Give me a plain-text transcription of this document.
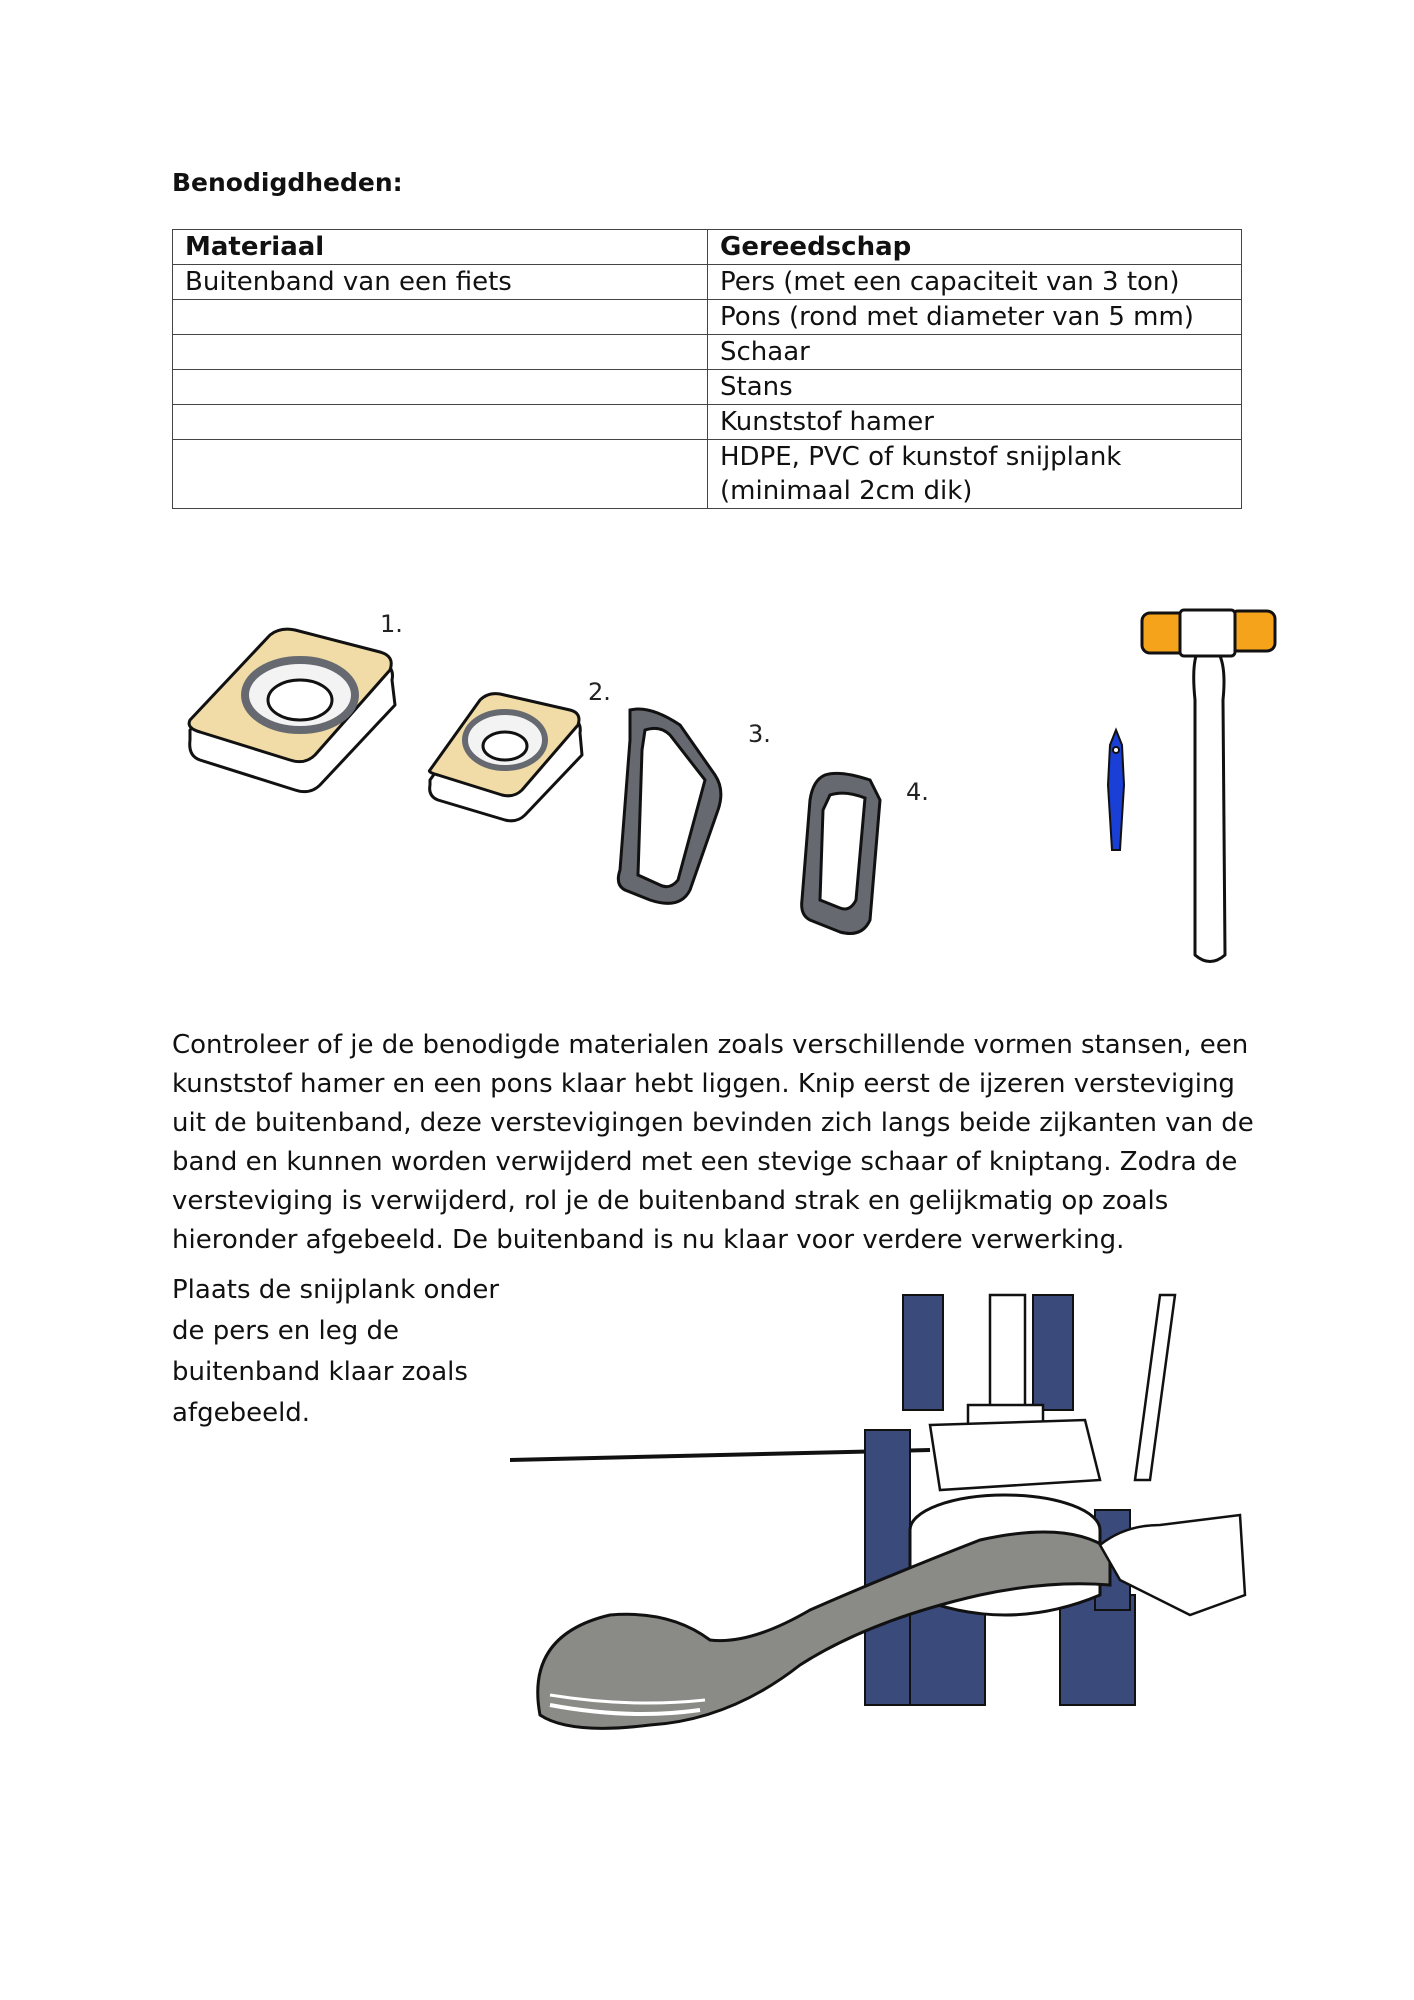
Benodigdheden:
Materiaal	Gereedschap
Buitenband van een fiets	Pers (met een capaciteit van 3 ton)
	Pons (rond met diameter van 5 mm)
	Schaar
	Stans
	Kunststof hamer
	HDPE, PVC of kunstof snijplank (minimaal 2cm dik)
1.
2.
3.
4.
Controleer of je de benodigde materialen zoals verschillende vormen stansen, een kunststof hamer en een pons klaar hebt liggen. Knip eerst de ijzeren versteviging uit de buitenband, deze verstevigingen bevinden zich langs beide zijkanten van de band en kunnen worden verwijderd met een stevige schaar of kniptang. Zodra de versteviging is verwijderd, rol je de buitenband strak en gelijkmatig op zoals hieronder afgebeeld. De buitenband is nu klaar voor verdere verwerking.
Plaats de snijplank onder de pers en leg de buitenband klaar zoals afgebeeld.
